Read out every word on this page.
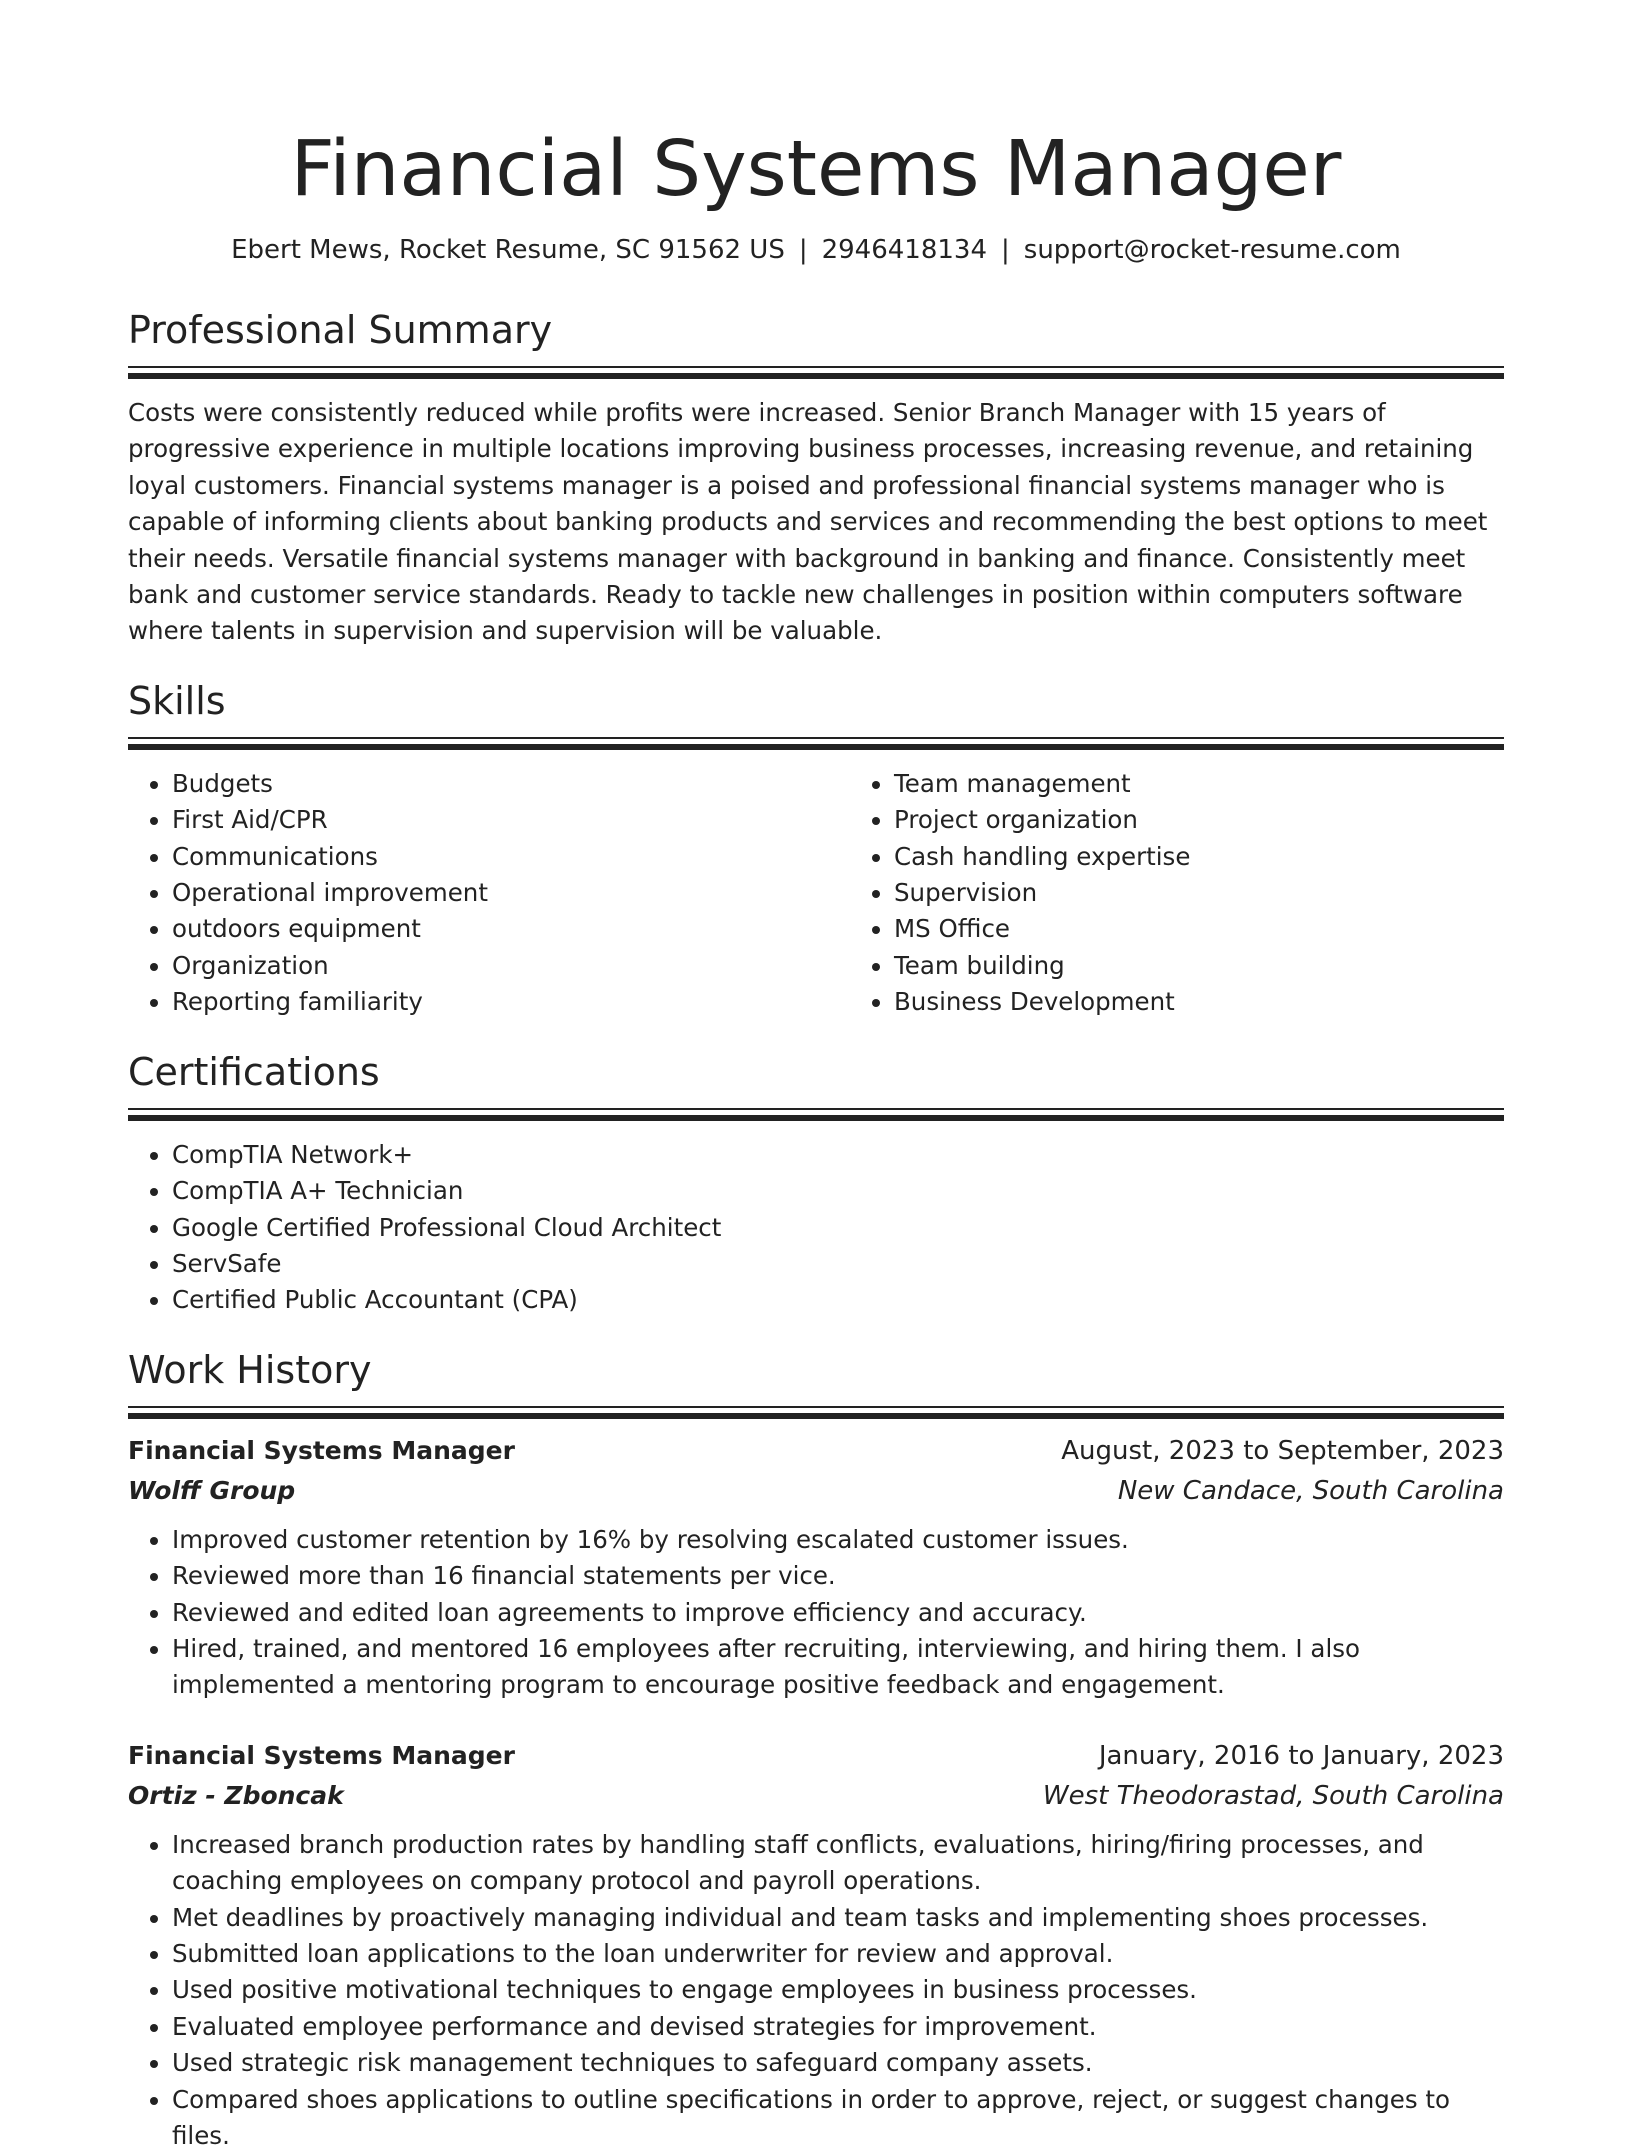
Financial Systems Manager
Ebert Mews, Rocket Resume, SC 91562 US | 2946418134 | support@rocket-resume.com
Professional Summary

Costs were consistently reduced while profits were increased. Senior Branch Manager with 15 years of progressive experience in multiple locations improving business processes, increasing revenue, and retaining loyal customers. Financial systems manager is a poised and professional financial systems manager who is capable of informing clients about banking products and services and recommending the best options to meet their needs. Versatile financial systems manager with background in banking and finance. Consistently meet bank and customer service standards. Ready to tackle new challenges in position within computers software where talents in supervision and supervision will be valuable.

Skills
• Budgets
• First Aid/CPR
• Communications
• Operational improvement
• outdoors equipment
• Organization
• Reporting familiarity
• Team management
• Project organization
• Cash handling expertise
• Supervision
• MS Office
• Team building
• Business Development
Certifications
• CompTIA Network+
• CompTIA A+ Technician
• Google Certified Professional Cloud Architect
• ServSafe
• Certified Public Accountant (CPA)
Work History
Financial Systems Manager	August, 2023 to September, 2023
Wolff Group	New Candace, South Carolina
• Improved customer retention by 16% by resolving escalated customer issues.
• Reviewed more than 16 financial statements per vice.
• Reviewed and edited loan agreements to improve efficiency and accuracy.
• Hired, trained, and mentored 16 employees after recruiting, interviewing, and hiring them. I also implemented a mentoring program to encourage positive feedback and engagement.
Financial Systems Manager	January, 2016 to January, 2023
Ortiz - Zboncak	West Theodorastad, South Carolina
• Increased branch production rates by handling staff conflicts, evaluations, hiring/firing processes, and coaching employees on company protocol and payroll operations.
• Met deadlines by proactively managing individual and team tasks and implementing shoes processes.
• Submitted loan applications to the loan underwriter for review and approval.
• Used positive motivational techniques to engage employees in business processes.
• Evaluated employee performance and devised strategies for improvement.
• Used strategic risk management techniques to safeguard company assets.
• Compared shoes applications to outline specifications in order to approve, reject, or suggest changes to files.
